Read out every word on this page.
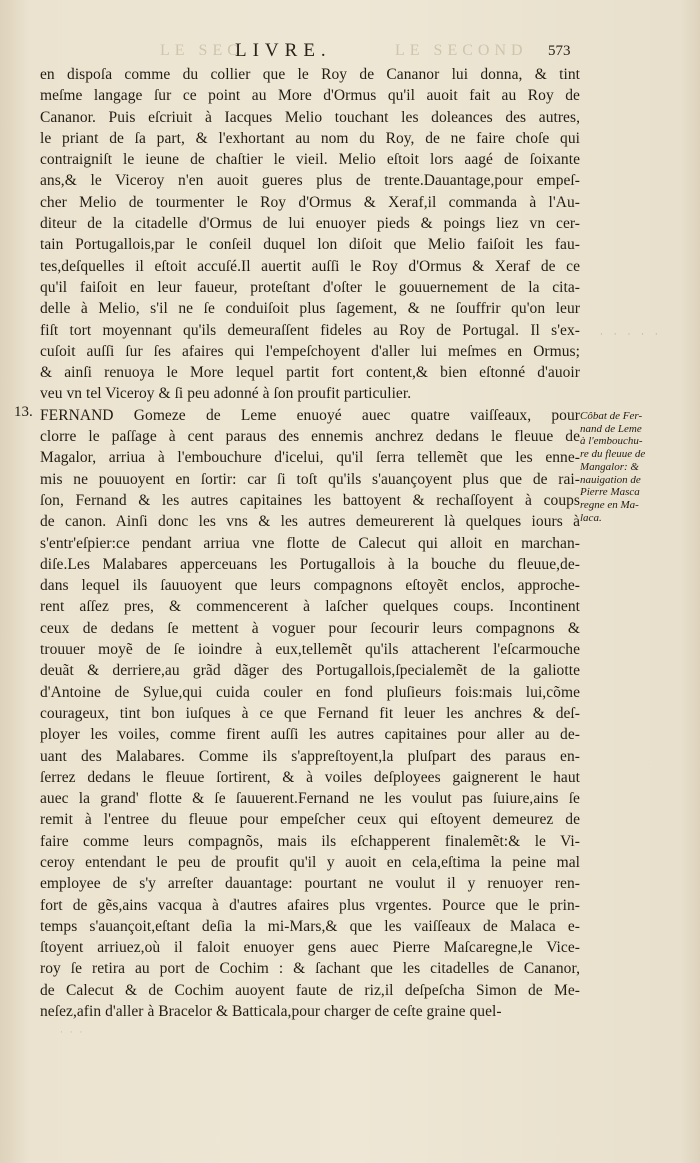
LE SEC
LIVRE.	LE SECOND 573
13.
en dispoſa comme du collier que le Roy de Cananor lui donna, & tint
meſme langage ſur ce point au More d'Ormus qu'il auoit fait au Roy de
Cananor. Puis eſcriuit à Iacques Melio touchant les doleances des autres,
le priant de ſa part, & l'exhortant au nom du Roy, de ne faire choſe qui
contraigniſt le ieune de chaſtier le vieil. Melio eſtoit lors aagé de ſoixante
ans,& le Viceroy n'en auoit gueres plus de trente.Dauantage,pour empeſ-
cher Melio de tourmenter le Roy d'Ormus & Xeraf,il commanda à l'Au-
diteur de la citadelle d'Ormus de lui enuoyer pieds & poings liez vn cer-
tain Portugallois,par le conſeil duquel lon diſoit que Melio faiſoit les fau-
tes,deſquelles il eſtoit accuſé.Il auertit auſſi le Roy d'Ormus & Xeraf de ce
qu'il faiſoit en leur faueur, proteſtant d'oſter le gouuernement de la cita-
delle à Melio, s'il ne ſe conduiſoit plus ſagement, & ne ſouffrir qu'on leur
fiſt tort moyennant qu'ils demeuraſſent fideles au Roy de Portugal. Il s'ex-
cuſoit auſſi ſur ſes afaires qui l'empeſchoyent d'aller lui meſmes en Ormus;
& ainſi renuoya le More lequel partit fort content,& bien eſtonné d'auoir
veu vn tel Viceroy & ſi peu adonné à ſon proufit particulier.
FERNAND Gomeze de Leme enuoyé auec quatre vaiſſeaux, pour
clorre le paſſage à cent paraus des ennemis anchrez dedans le fleuue de
Magalor, arriua à l'embouchure d'icelui, qu'il ſerra tellemẽt que les enne-
mis ne pouuoyent en ſortir: car ſi toſt qu'ils s'auançoyent plus que de rai-
ſon, Fernand & les autres capitaines les battoyent & rechaſſoyent à coups
de canon. Ainſi donc les vns & les autres demeurerent là quelques iours à
s'entr'eſpier:ce pendant arriua vne flotte de Calecut qui alloit en marchan-
diſe.Les Malabares apperceuans les Portugallois à la bouche du fleuue,de-
dans lequel ils ſauuoyent que leurs compagnons eſtoyẽt enclos, approche-
rent aſſez pres, & commencerent à laſcher quelques coups. Incontinent
ceux de dedans ſe mettent à voguer pour ſecourir leurs compagnons &
trouuer moyẽ de ſe ioindre à eux,tellemẽt qu'ils attacherent l'eſcarmouche
deuãt & derriere,au grãd dãger des Portugallois,ſpecialemẽt de la galiotte
d'Antoine de Sylue,qui cuida couler en fond pluſieurs fois:mais lui,cõme
courageux, tint bon iuſques à ce que Fernand fit leuer les anchres & deſ-
ployer les voiles, comme firent auſſi les autres capitaines pour aller au de-
uant des Malabares. Comme ils s'appreſtoyent,la pluſpart des paraus en-
ſerrez dedans le fleuue ſortirent, & à voiles deſployees gaignerent le haut
auec la grand' flotte & ſe ſauuerent.Fernand ne les voulut pas ſuiure,ains ſe
remit à l'entree du fleuue pour empeſcher ceux qui eſtoyent demeurez de
faire comme leurs compagnõs, mais ils eſchapperent finalemẽt:& le Vi-
ceroy entendant le peu de proufit qu'il y auoit en cela,eſtima la peine mal
employee de s'y arreſter dauantage: pourtant ne voulut il y renuoyer ren-
fort de gẽs,ains vacqua à d'autres afaires plus vrgentes. Pource que le prin-
temps s'auançoit,eſtant deſia la mi-Mars,& que les vaiſſeaux de Malaca e-
ſtoyent arriuez,où il faloit enuoyer gens auec Pierre Maſcaregne,le Vice-
roy ſe retira au port de Cochim : & ſachant que les citadelles de Cananor,
de Calecut & de Cochim auoyent faute de riz,il deſpeſcha Simon de Me-
neſez,afin d'aller à Bracelor & Batticala,pour charger de ceſte graine quel-
Côbat de Fer-
nand de Leme
à l'embouchu-
re du fleuue de
Mangalor: &
nauigation de
Pierre Masca
regne en Ma-
laca.
· · · · ·
· · ·
